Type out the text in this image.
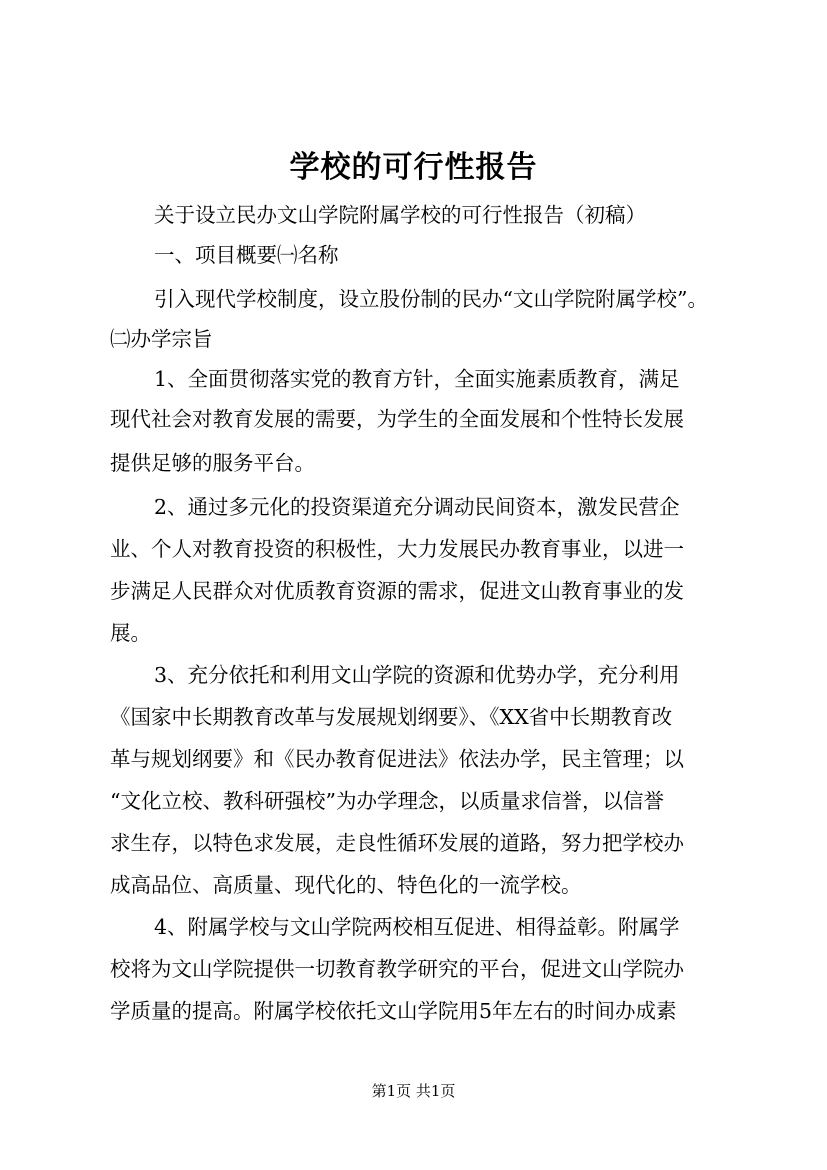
学校的可行性报告
关于设立民办文山学院附属学校的可行性报告（初稿）
一、项目概要㈠名称
引入现代学校制度，设立股份制的民办“文山学院附属学校”。
㈡办学宗旨
1、全面贯彻落实党的教育方针，全面实施素质教育，满足
现代社会对教育发展的需要，为学生的全面发展和个性特长发展
提供足够的服务平台。
2、通过多元化的投资渠道充分调动民间资本，激发民营企
业、个人对教育投资的积极性，大力发展民办教育事业，以进一
步满足人民群众对优质教育资源的需求，促进文山教育事业的发
展。
3、充分依托和利用文山学院的资源和优势办学，充分利用
《国家中长期教育改革与发展规划纲要》、《XX省中长期教育改
革与规划纲要》和《民办教育促进法》依法办学，民主管理；以
“文化立校、教科研强校”为办学理念，以质量求信誉，以信誉
求生存，以特色求发展，走良性循环发展的道路，努力把学校办
成高品位、高质量、现代化的、特色化的一流学校。
4、附属学校与文山学院两校相互促进、相得益彰。附属学
校将为文山学院提供一切教育教学研究的平台，促进文山学院办
学质量的提高。附属学校依托文山学院用5年左右的时间办成素
第1页 共1页
